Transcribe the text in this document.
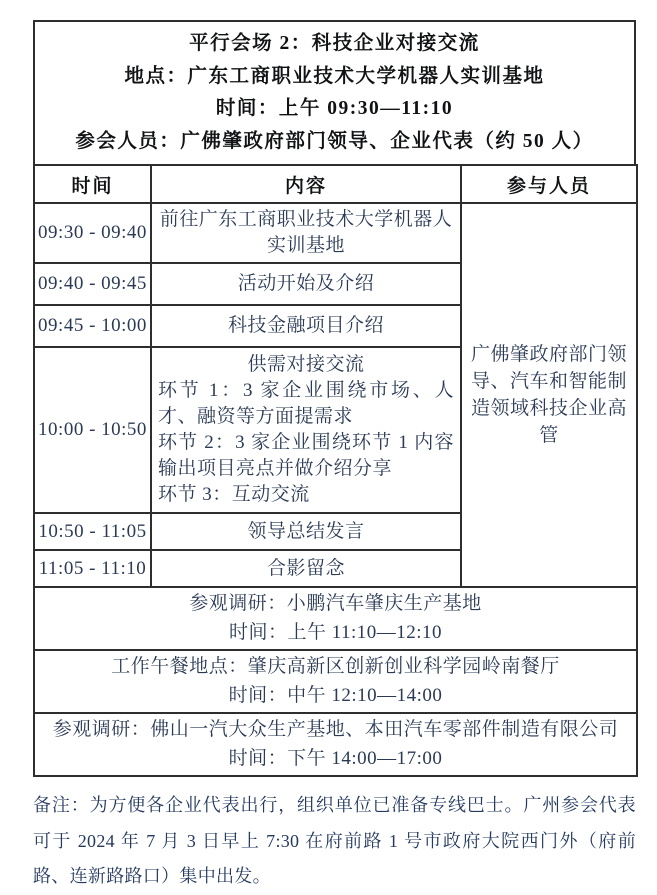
平行会场 2：科技企业对接交流
地点：广东工商职业技术大学机器人实训基地
时间：上午 09:30—11:10
参会人员：广佛肇政府部门领导、企业代表（约 50 人）
时间	内容	参与人员
09:30 - 09:40	前往广东工商职业技术大学机器人实训基地	广佛肇政府部门领导、汽车和智能制造领域科技企业高管
09:40 - 09:45	活动开始及介绍	
09:45 - 10:00	科技金融项目介绍	
10:00 - 10:50	供需对接交流
环节 1：3 家企业围绕市场、人才、融资等方面提需求
环节 2：3 家企业围绕环节 1 内容输出项目亮点并做介绍分享
环节 3：互动交流	

10:50 - 11:05	领导总结发言	
11:05 - 11:10	合影留念	

参观调研：小鹏汽车肇庆生产基地
时间：上午 11:10—12:10		

工作午餐地点：肇庆高新区创新创业科学园岭南餐厅
时间：中午 12:10—14:00		

参观调研：佛山一汽大众生产基地、本田汽车零部件制造有限公司
时间：下午 14:00—17:00		
备注：为方便各企业代表出行，组织单位已准备专线巴士。广州参会代表可于 2024 年 7 月 3 日早上 7:30 在府前路 1 号市政府大院西门外（府前路、连新路路口）集中出发。
